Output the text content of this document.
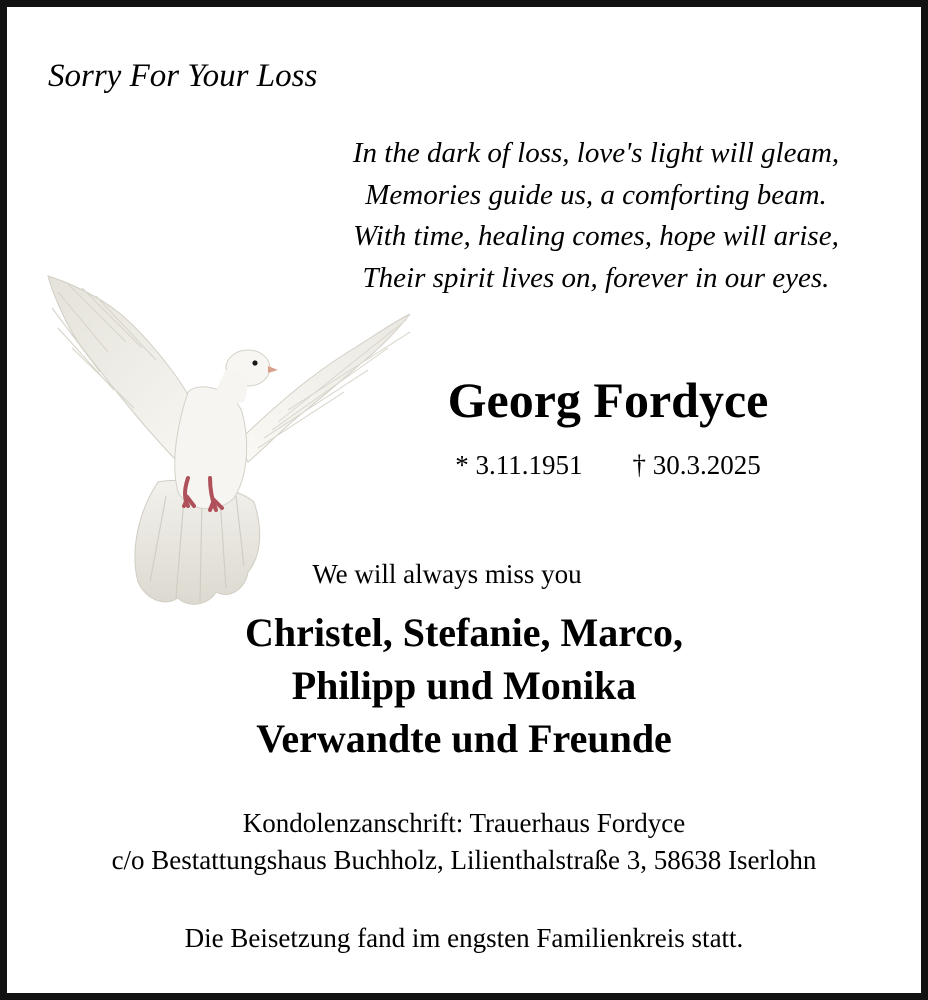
Sorry For Your Loss
In the dark of loss, love's light will gleam,
Memories guide us, a comforting beam.
With time, healing comes, hope will arise,
Their spirit lives on, forever in our eyes.
Georg Fordyce
* 3.11.1951 † 30.3.2025
We will always miss you
Christel, Stefanie, Marco,
Philipp und Monika
Verwandte und Freunde
Kondolenzanschrift: Trauerhaus Fordyce
c/o Bestattungshaus Buchholz, Lilienthalstraße 3, 58638 Iserlohn
Die Beisetzung fand im engsten Familienkreis statt.
